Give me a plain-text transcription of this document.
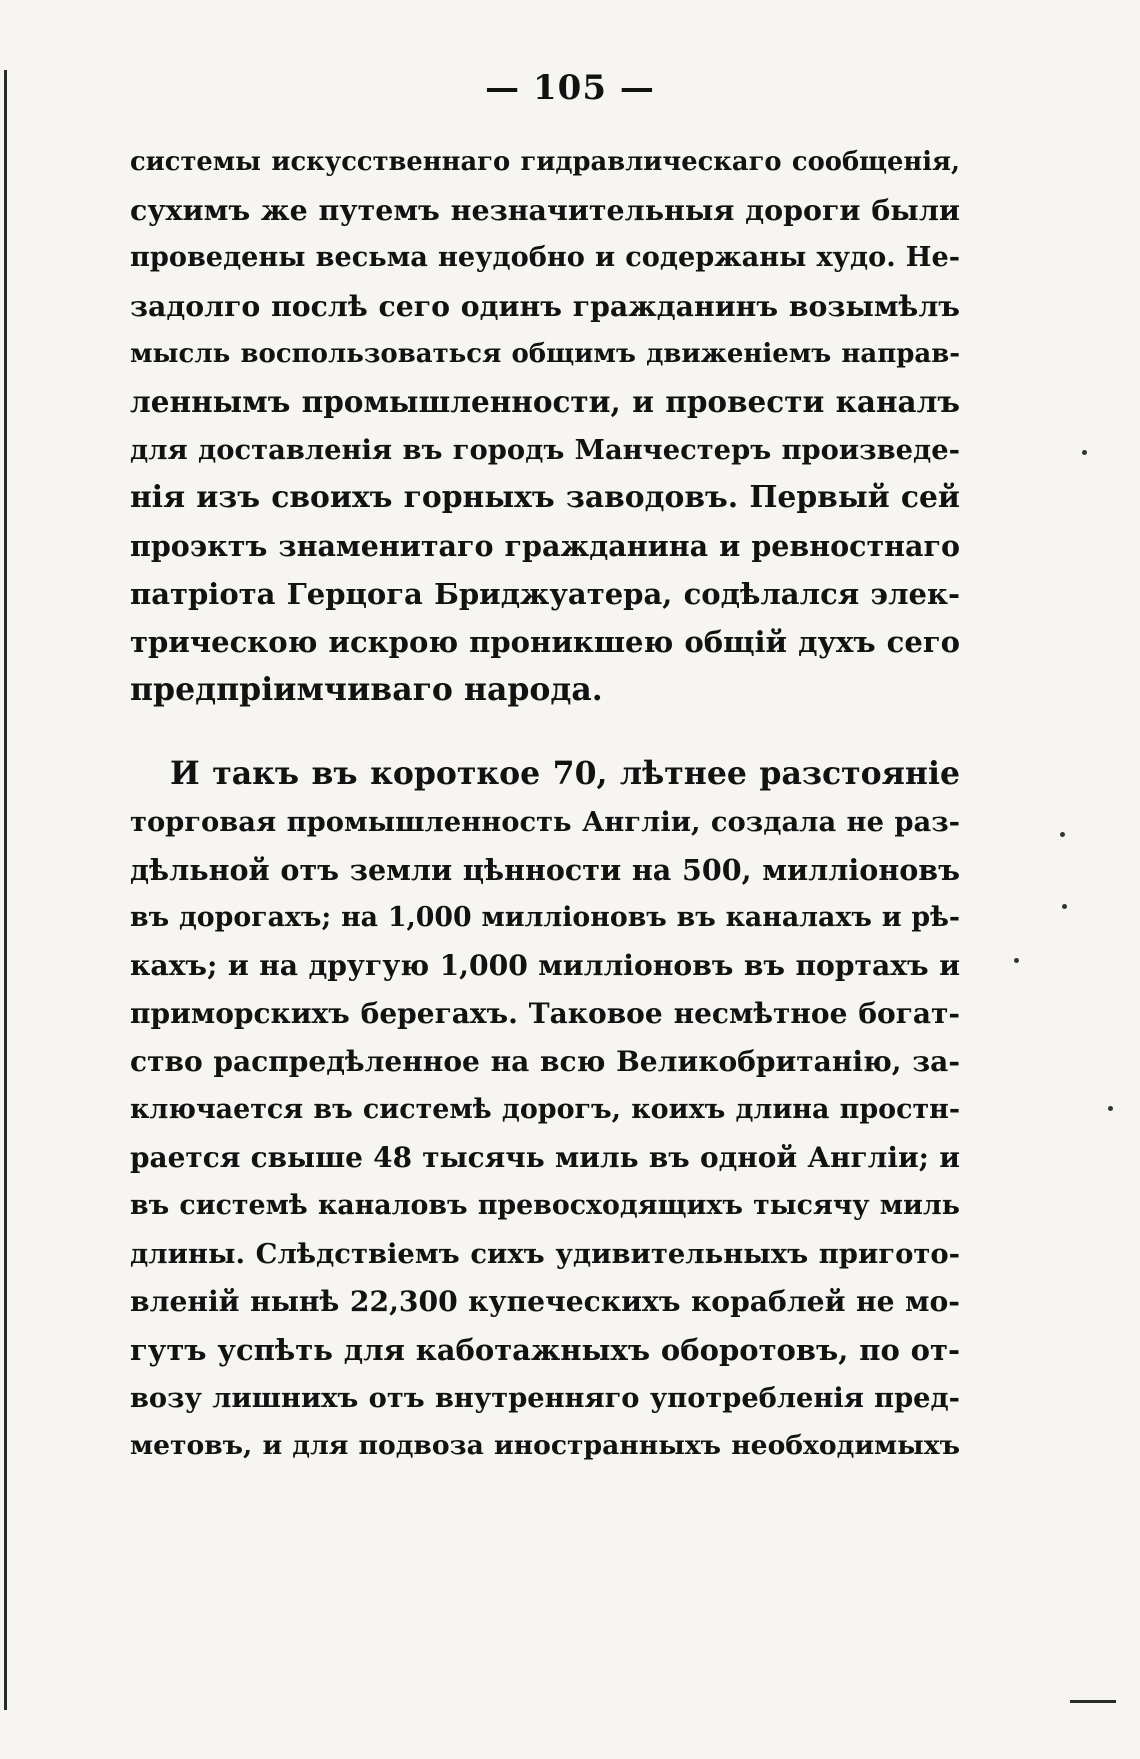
— 105 —
системы искусственнаго гидравлическаго сообщенія,
сухимъ же путемъ незначительныя дороги были
проведены весьма неудобно и содержаны худо. Не-
задолго послѣ сего одинъ гражданинъ возымѣлъ
мысль воспользоваться общимъ движеніемъ направ-
леннымъ промышленности, и провести каналъ
для доставленія въ городъ Манчестеръ произведе-
нія изъ своихъ горныхъ заводовъ. Первый сей
проэктъ знаменитаго гражданина и ревностнаго
патріота Герцога Бриджуатера, содѣлался элек-
трическою искрою проникшею общій духъ сего
предпріимчиваго народа.
И такъ въ короткое 70, лѣтнее разстояніе
торговая промышленность Англіи, создала не раз-
дѣльной отъ земли цѣнности на 500, милліоновъ
въ дорогахъ; на 1,000 милліоновъ въ каналахъ и рѣ-
кахъ; и на другую 1,000 милліоновъ въ портахъ и
приморскихъ берегахъ. Таковое несмѣтное богат-
ство распредѣленное на всю Великобританію, за-
ключается въ системѣ дорогъ, коихъ длина простн-
рается свыше 48 тысячь миль въ одной Англіи; и
въ системѣ каналовъ превосходящихъ тысячу миль
длины. Слѣдствіемъ сихъ удивительныхъ пригото-
вленій нынѣ 22,300 купеческихъ кораблей не мо-
гутъ успѣть для каботажныхъ оборотовъ, по от-
возу лишнихъ отъ внутренняго употребленія пред-
метовъ, и для подвоза иностранныхъ необходимыхъ
